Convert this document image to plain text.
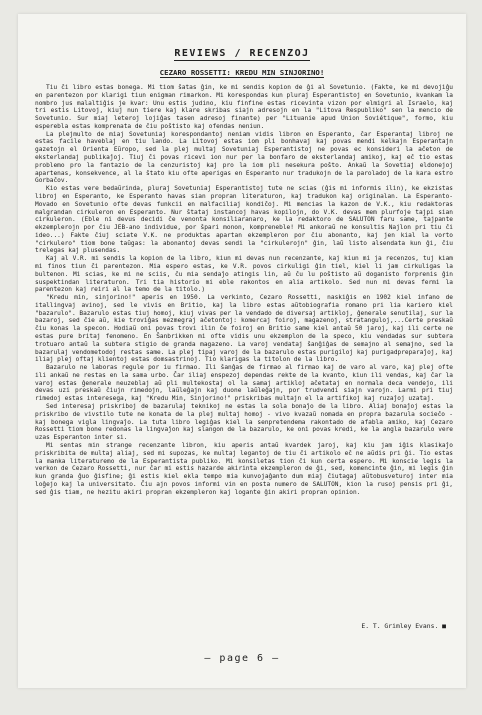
REVIEWS / RECENZOJ
CEZARO ROSSETTI: KREDU MIN SINJORINO!

Tiu ĉi libro estas bonega. Mi tiom ŝatas ĝin, ke mi sendis kopion de ĝi al Sovetunio. (Fakte, ke mi devojiĝu en parentezon por klarigi tiun enigman rimarkon. Mi korespondas kun pluraj Esperantistoj en Sovetunio, kvankam la nombro jus malaltiĝis je kvar: Unu estis judino, kiu finfine estas ricevinta vizon por elmigri al Israelo, kaj tri estis Litovoj, kiuj nun tiere kaj klare skribas siajn adresojn en la "Litova Respubliko" sen la mencio de Sovetunio. Sur miaj leteroj lojiĝas tasen adresoj finante) per "Lituanie apud Union Soviétique", formo, kiu esperebla estas komprenata de ĉiu poŝtisto kaj ofendas neniun.

La plejmulto de miaj Sovetuniaj korespondantoj neniam vidis libron en Esperanto, ĉar Esperantaj libroj ne estas facile haveblaj en tiu lando. La Litovoj estas iom pli bonhavaj kaj povas mendi kelkajn Esperantajn gazetojn el Orienta Eŭropo, sed la plej multaj Sovetuniaj Esperantistoj ne povas ec konsideri la aĉeton de eksterlandaj publikaĵoj. Tiuj ĉi povas ricevi ion nur per la bonfaro de eksterlandaj amikoj, kaj eĉ tio estas problemo pro la fantazio de la cenzuristoj kaj pro la iom pli nesekura poŝto. Ankaŭ la Sovetiaj eldonejoj apartenas, konsekvence, al la ŝtato kiu ofte aperigas en Esperanto nur tradukojn de la paroladoj de la kara estro Gorbaĉov.

Kio estas vere bedaŭrinda, pluraj Sovetuniaj Esperantistoj tute ne scias (ĝis mi informis ilin), ke ekzistas libroj en Esperanto, ke Esperanto havas sian propran literaturon, kaj tradukon kaj originalan. La Esperanto-Movado en Sovetunio ofte devas funkcii en malfaciliaj kondiĉoj. Mi mencias la kazon de V.K., kiu redaktoras malgrandan cirkuleron en Esperanto. Nur ŝtataj instancoj havas kopilojn, do V.K. devas mem plurfoje tajpi sian cirkuleron. (Eble ni devus decidi ĉe venonta konsiliaranaro, ke la redaktoro de SALUTON faru same, tajpante ekzemplerojn por ĉiu JEB-ano individue, por ŝpari monon, kompreneble! Mi ankoraŭ ne konsultis Najlon pri tiu ĉi ideo...) Fakte ĉiuj sciate V.K. ne produktas apartan ekzempleron por ĉiu abonanto, kaj jen kial la vorto "cirkulero" tiom bone taŭgas: la abonantoj devas sendi la "cirkulerojn" ĝin, laŭ listo alsendata kun ĝi, ĉiu trelegas kaj plusendas.

Kaj al V.R. mi sendis la kopion de la libro, kiun mi devas nun recenzante, kaj kiun mi ja recenzos, tuj kiam mi finos tiun ĉi parentezon. Mia espero estas, ke V.R. povos cirkuligi ĝin tiel, kiel li jam cirkuligas la bultenon. Mi scias, ke mi ne sciis, ĉu mia sendaĵo atingis lin, aŭ ĉu lu poŝtisto aŭ doganisto forprenis ĝin suspektindan literaturon. Tri tia historio mi eble rakontos en alia artikolo. Sed nun mi devas fermi la parentezon kaj reiri al la temo de la titolo.)

"Kredu min, sinjorino!" aperis en 1950. La verkinto, Cezaro Rossetti, naskiĝis en 1902 kiel infano de itallingvaj avinoj, sed le vivis en Britio, kaj la libro estas aŭtobiografia romano pri lia kariero kiel "bazarulo". Bazarulo estas tiuj homoj, kiuj vivas per la vendado de diversaj artikloj, ĝenerale senutilaj, sur la bazaroj, sed ĉie aŭ, kie troviĝas mezmegraj aĉetontoj: komercaj foiroj, magazenoj, stratanguloj,...Certe preskaŭ ĉiu konas la specon. Hodiaŭ oni povas trovi ilin ĉe foiroj en Britio same kiel antaŭ 50 jaroj, kaj ili certe ne estas pure britaj fenomeno. En Ŝanbrikken mi ofte vidis unu ekzemplon de la speco, kiu vendadas sur subtera trotuaro antaŭ la subtera stigio de granda magazeno. La varoj vendataj ŝanĝiĝas de semajno al semajno, sed la bazarulaj vendometodoj restas same. La plej tipaj varoj de la bazarulo estas purigiloj kaj purigadpreparaĵoj, kaj iliaj plej oftaj klientoj estas domsastrinoj. Tio klarigas la titolon de la libro.

Bazarulo ne laboras regule por iu firmao. Ili ŝanĝas de firmao al firmao kaj de varo al varo, kaj plej ofte ili ankaŭ ne restas en la sama urbo. Ĉar iliaj enspezoj dependas rekte de la kvanto, kiun ili vendas, kaj ĉar la varoj estas ĝenerale neuzeblaj aŭ pli multekostaj ol la samaj artikloj aĉetataj en normala deca vendejo, ili devas uzi preskaŭ ĉiujn rimedojn, laŭleĝajn kaj duone laŭleĝajn, por trudvendi siajn varojn. Larmi pri tiuj rimedoj estas interesega, kaj "Kredu Min, Sinjorino!" priskribas multajn el la artifikoj kaj ruzaĵoj uzataj.

Sed interesaj priskriboj de bazarulaj teknikoj ne estas la sola bonaĵo de la libro. Aliaj bonaĵoj estas la priskribo de vivstilo tute ne konata de la plej multaj homoj - vivo kvazaŭ nomada en propra bazarula socieĉo - kaj bonega vigla lingvaĵo. La tuta libro legiĝas kiel la senpretendema rakontado de afabla amiko, kaj Cezaro Rossetti tiom bone redonas la lingvaĵon kaj slangon de la bazarulo, ke oni povas kredi, ke la angla bazarulo vere uzas Esperanton inter si.

Mi sentas min strange recenzante libron, kiu aperis antaŭ kvardek jaroj, kaj kiu jam iĝis klasikaĵo priskribita de multaj aliaj, sed mi supozas, ke multaj legantoj de tiu ĉi artikolo eĉ ne aŭdis pri ĝi. Tio estas la manka literaturemo de la Esperantista publiko. Mi konsiletas tion ĉi kun certa espero. Mi konscie legis la verkon de Cezaro Rossetti, nur ĉar mi estis hazarde akirinta ekzempleron de ĝi, sed, komencinte ĝin, mi legis ĝin kun granda ĝuo ĝisfine; ĝi estis kiel ekla tempo mia kunvojaĝanto dum miaj ĉiutagaj aŭtobusveturoj inter mia loĝejo kaj la universitato. Ĉiu ajn povos informi vin en posta numero de SALUTON, kion la rusoj pensis pri ĝi, sed ĝis tiam, ne hezitu akiri propran ekzempleron kaj logante ĝin akiri propran opinion.

E. T. Grimley Evans. ■
— page 6 —
